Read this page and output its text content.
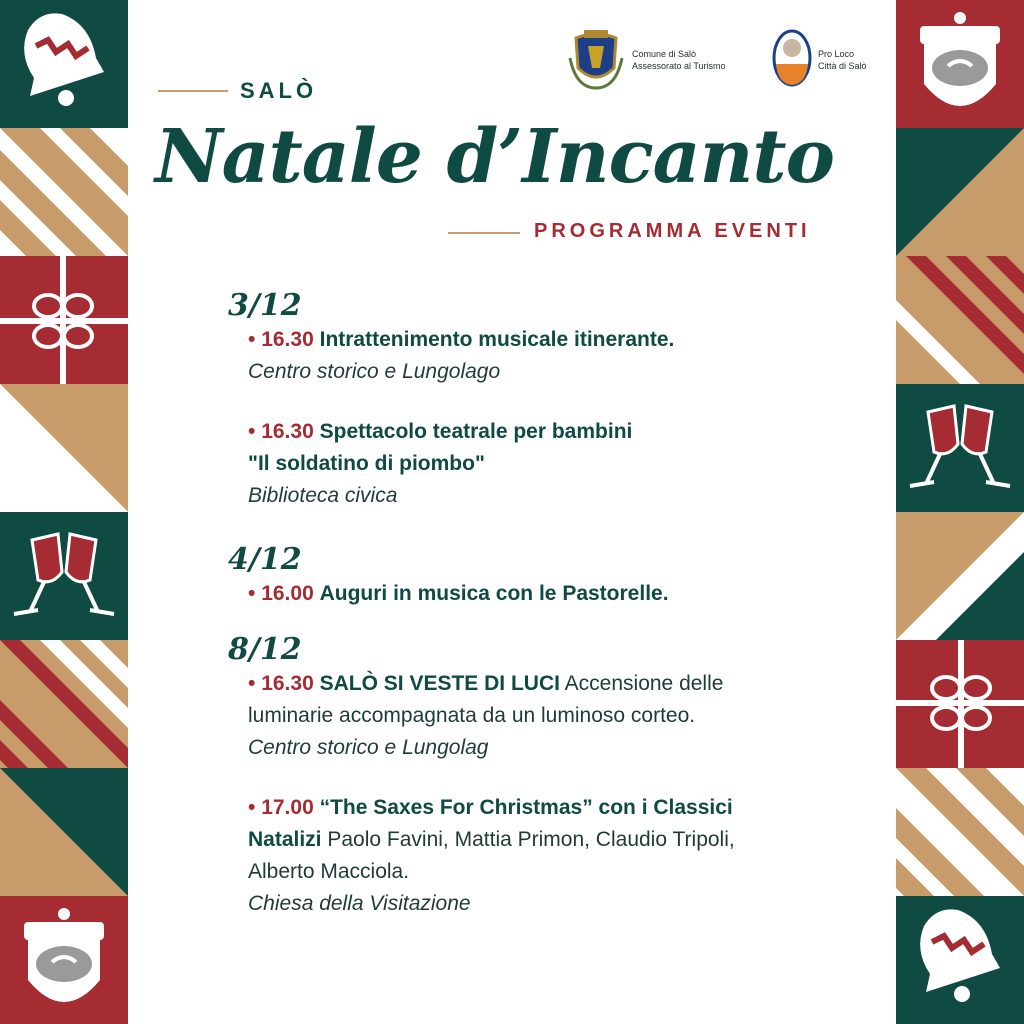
Comune di Salò
Assessorato al Turismo
Pro Loco
Città di Salò
SALÒ
Natale d’Incanto
PROGRAMMA EVENTI
3/12
• 16.30 Intrattenimento musicale itinerante.
Centro storico e Lungolago
• 16.30 Spettacolo teatrale per bambini
"Il soldatino di piombo"
Biblioteca civica
4/12
• 16.00 Auguri in musica con le Pastorelle.
8/12
• 16.30 SALÒ SI VESTE DI LUCI Accensione delle luminarie accompagnata da un luminoso corteo.
Centro storico e Lungolag
• 17.00 “The Saxes For Christmas” con i Classici Natalizi Paolo Favini, Mattia Primon, Claudio Tripoli, Alberto Macciola.
Chiesa della Visitazione
